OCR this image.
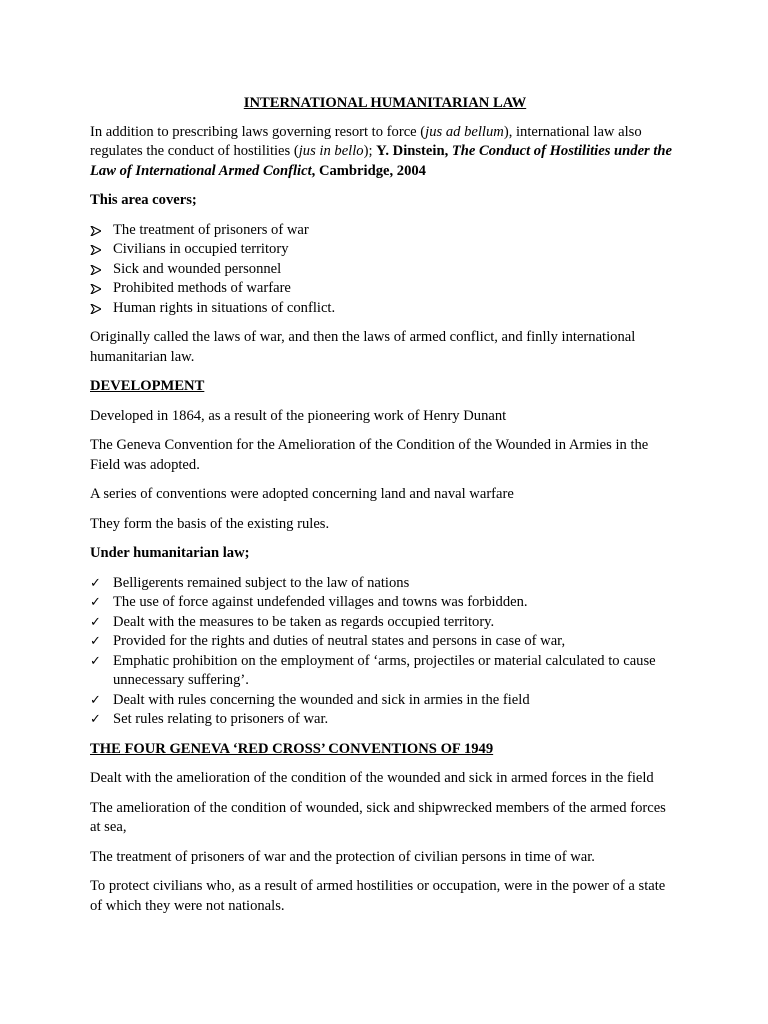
INTERNATIONAL HUMANITARIAN LAW

In addition to prescribing laws governing resort to force (jus ad bellum), international law also regulates the conduct of hostilities (jus in bello); Y. Dinstein, The Conduct of Hostilities under the Law of International Armed Conflict, Cambridge, 2004

This area covers;
The treatment of prisoners of war
Civilians in occupied territory
Sick and wounded personnel
Prohibited methods of warfare
Human rights in situations of conflict.

Originally called the laws of war, and then the laws of armed conflict, and finlly international humanitarian law.

DEVELOPMENT

Developed in 1864, as a result of the pioneering work of Henry Dunant

The Geneva Convention for the Amelioration of the Condition of the Wounded in Armies in the Field was adopted.

A series of conventions were adopted concerning land and naval warfare

They form the basis of the existing rules.

Under humanitarian law;
✓ Belligerents remained subject to the law of nations
✓ The use of force against undefended villages and towns was forbidden.
✓ Dealt with the measures to be taken as regards occupied territory.
✓ Provided for the rights and duties of neutral states and persons in case of war,
✓ Emphatic prohibition on the employment of ‘arms, projectiles or material calculated to cause unnecessary suffering’.
✓ Dealt with rules concerning the wounded and sick in armies in the field
✓ Set rules relating to prisoners of war.
THE FOUR GENEVA ‘RED CROSS’ CONVENTIONS OF 1949

Dealt with the amelioration of the condition of the wounded and sick in armed forces in the field

The amelioration of the condition of wounded, sick and shipwrecked members of the armed forces at sea,

The treatment of prisoners of war and the protection of civilian persons in time of war.

To protect civilians who, as a result of armed hostilities or occupation, were in the power of a state of which they were not nationals.
